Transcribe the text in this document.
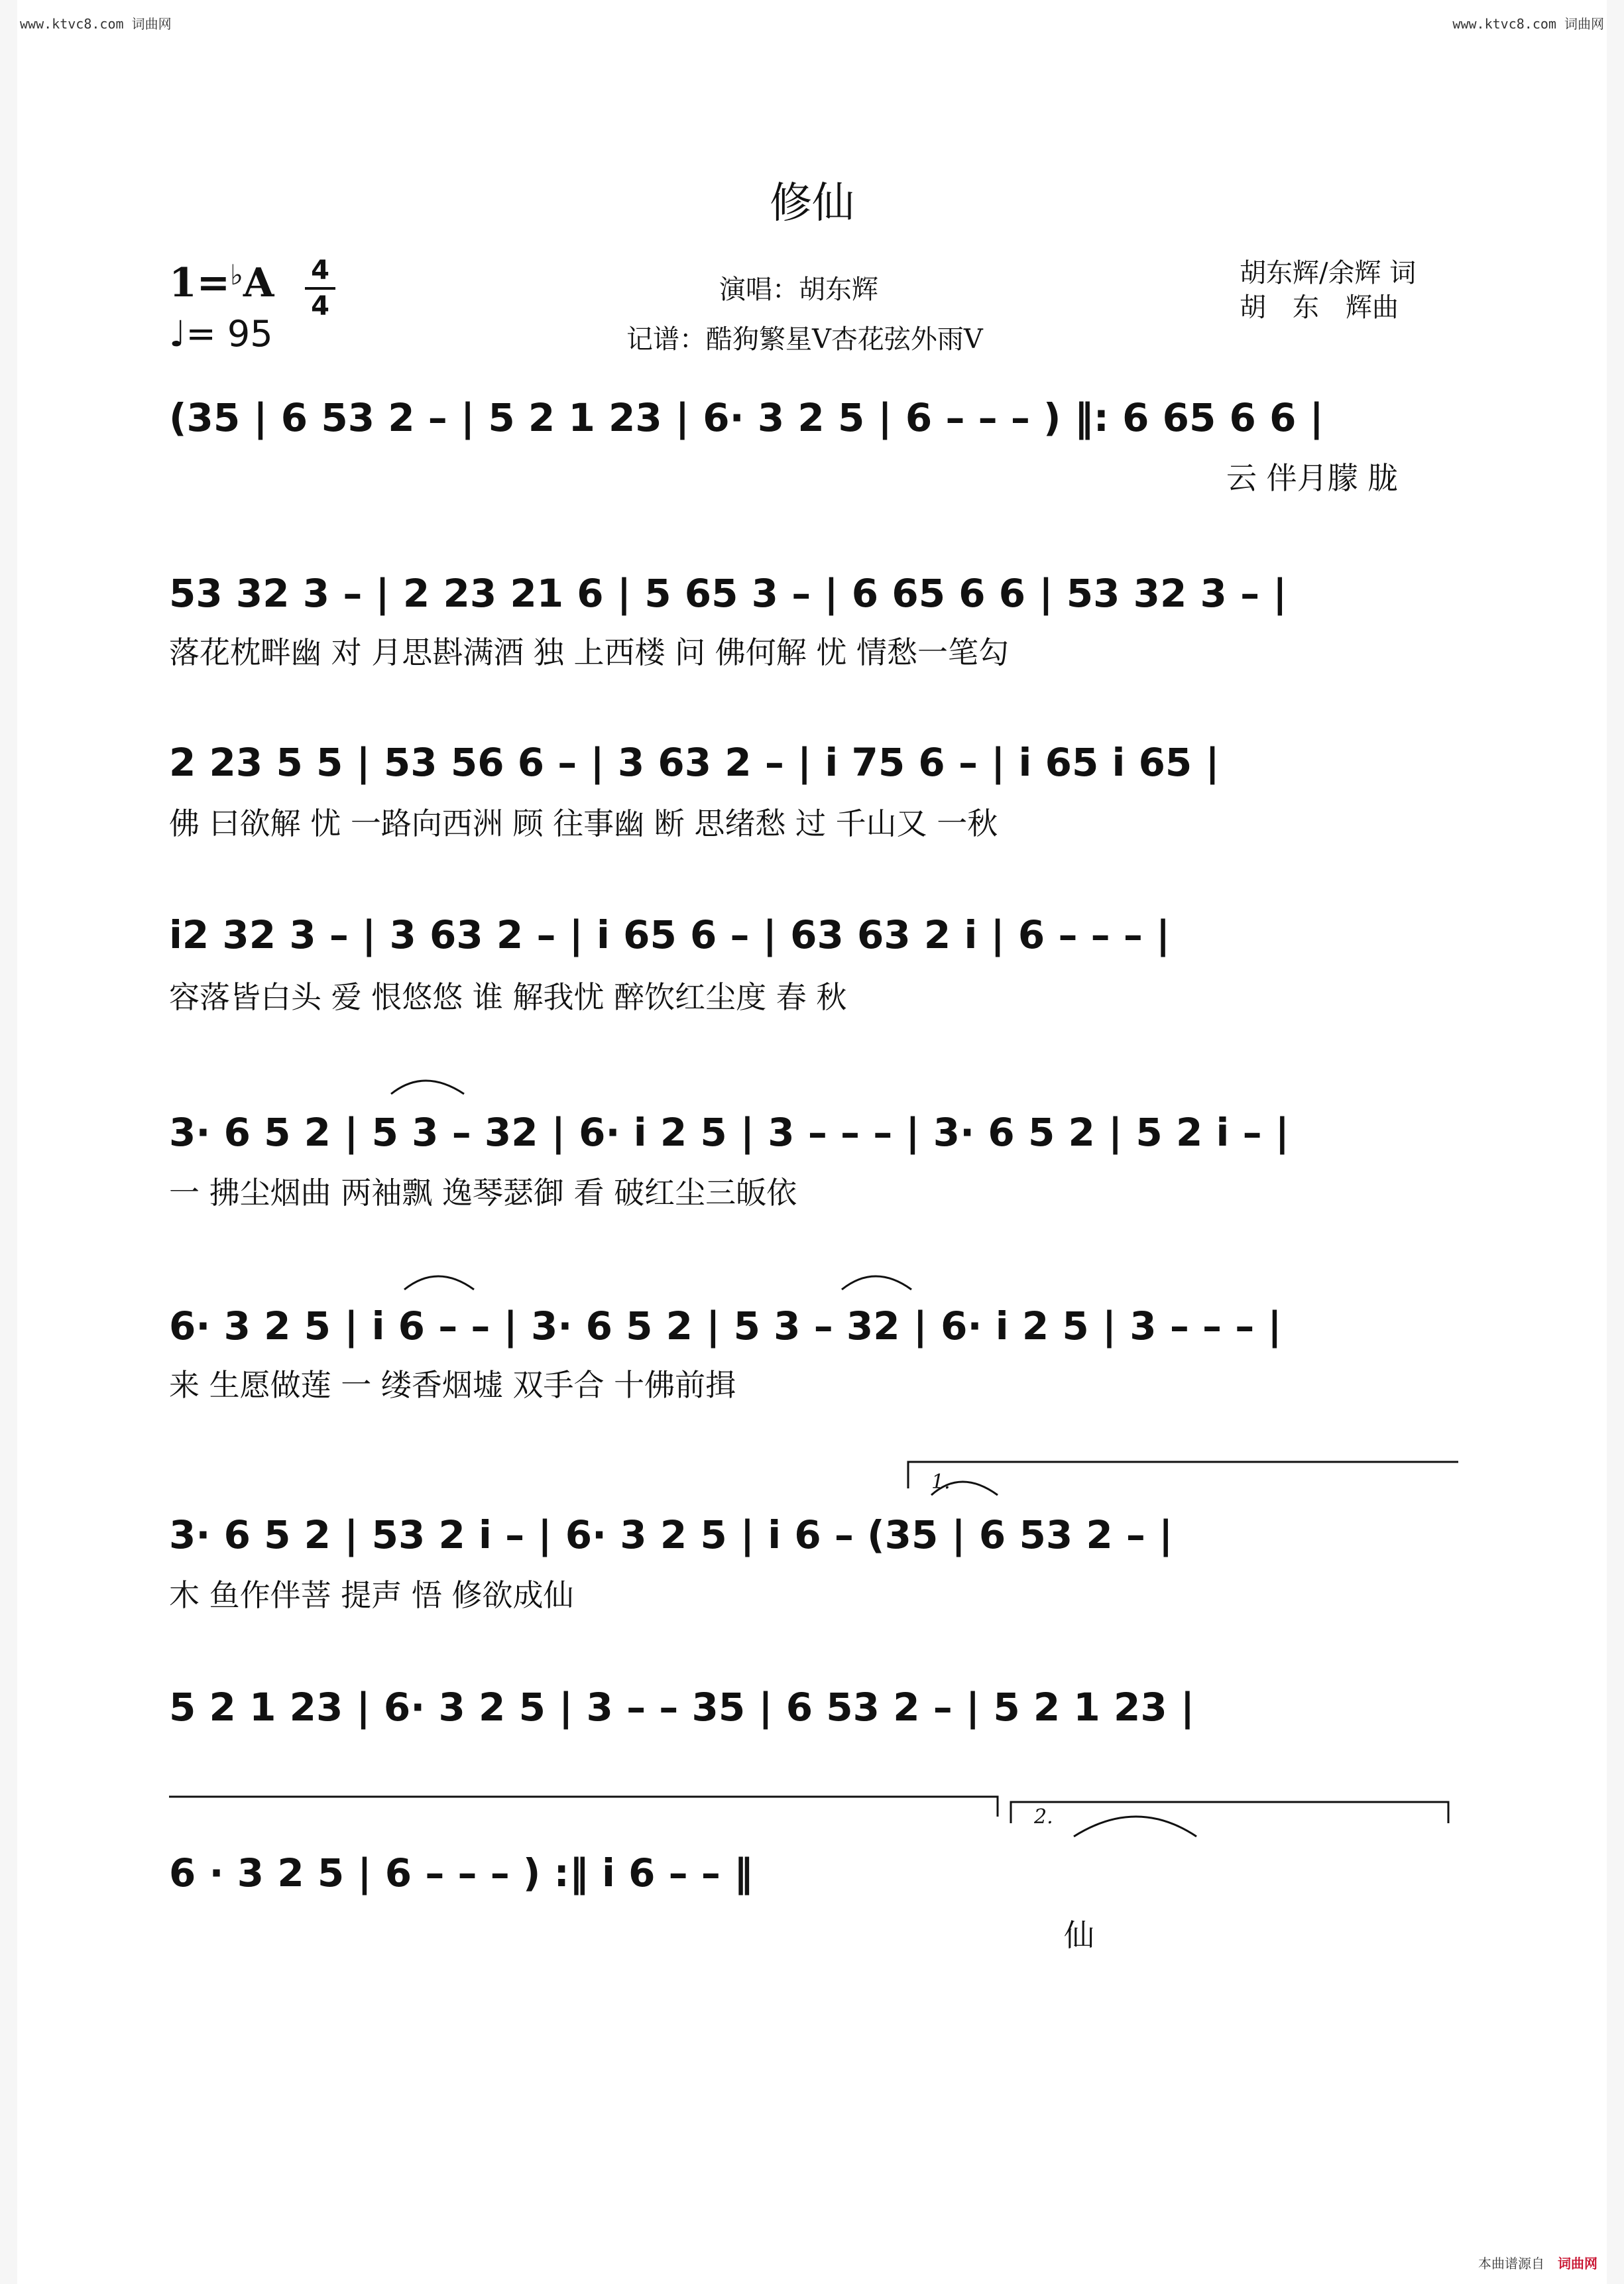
www.ktvc8.com 词曲网	www.ktvc8.com 词曲网
修仙
1=♭A 4
4
♩= 95
演唱：胡东辉
记谱：酷狗繁星V杏花弦外雨V
胡东辉/余辉 词
胡　东　辉曲
(35 | 6 53 2 – | 5 2 1 23 | 6· 3 2 5 | 6 – – – ) ‖: 6 65 6 6 |
云 伴月朦 胧
53 32 3 – | 2 23 21 6 | 5 65 3 – | 6 65 6 6 | 53 32 3 – |
落花枕畔幽 对 月思斟满酒 独 上西楼 问 佛何解 忧 情愁一笔勾
2 23 5 5 | 53 56 6 – | 3 63 2 – | i 75 6 – | i 65 i 65 |
佛 曰欲解 忧 一路向西洲 顾 往事幽 断 思绪愁 过 千山又 一秋
i2 32 3 – | 3 63 2 – | i 65 6 – | 63 63 2 i | 6 – – – |
容落皆白头 爱 恨悠悠 谁 解我忧 醉饮红尘度 春 秋
3· 6 5 2 | 5 3 – 32 | 6· i 2 5 | 3 – – – | 3· 6 5 2 | 5 2 i – |
一 拂尘烟曲 两袖飘 逸琴瑟御 看 破红尘三皈依
6· 3 2 5 | i 6 – – | 3· 6 5 2 | 5 3 – 32 | 6· i 2 5 | 3 – – – |
来 生愿做莲 一 缕香烟墟 双手合 十佛前揖
3· 6 5 2 | 53 2 i – | 6· 3 2 5 | i 6 – (35 | 6 53 2 – |
木 鱼作伴菩 提声 悟 修欲成仙
5 2 1 23 | 6· 3 2 5 | 3 – – 35 | 6 53 2 – | 5 2 1 23 |
6 · 3 2 5 | 6 – – – ) :‖ i 6 – – ‖
仙
1.
2.
本曲谱源自 词曲网
